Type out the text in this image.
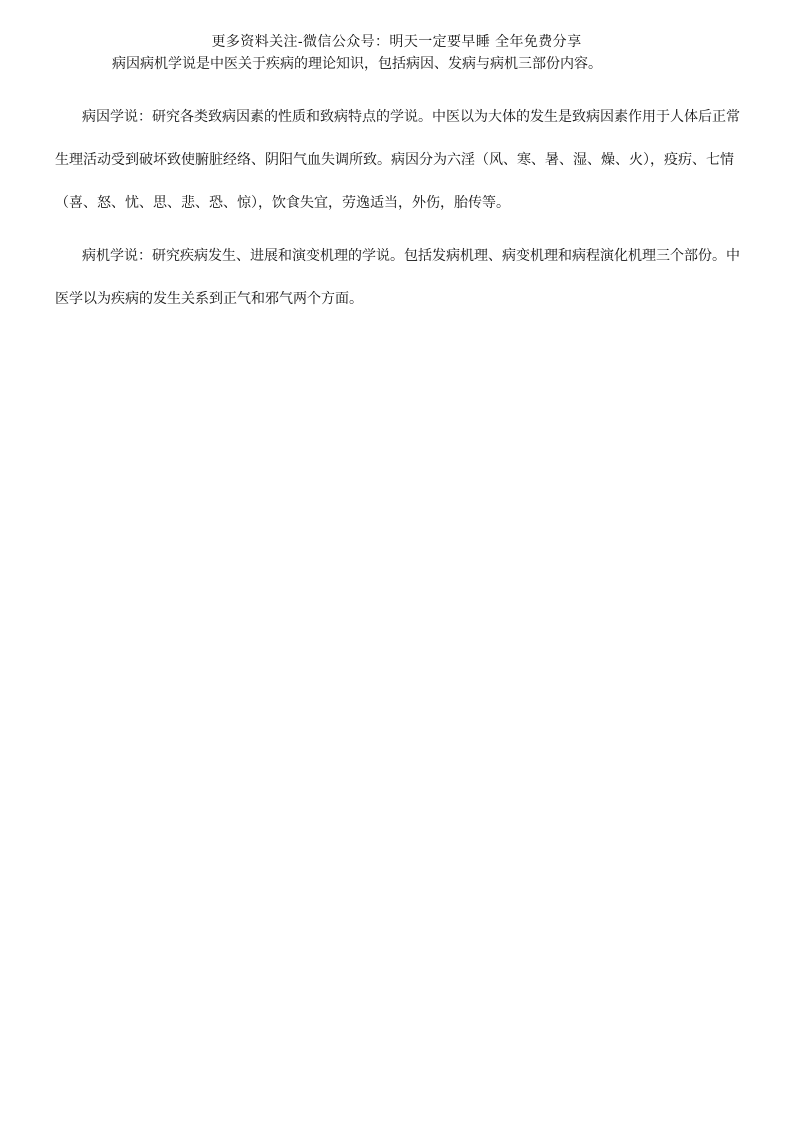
更多资料关注-微信公众号：明天一定要早睡 全年免费分享
病因病机学说是中医关于疾病的理论知识，包括病因、发病与病机三部份内容。
病因学说：研究各类致病因素的性质和致病特点的学说。中医以为大体的发生是致病因素作用于人体后正常
生理活动受到破坏致使腑脏经络、阴阳气血失调所致。病因分为六淫（风、寒、暑、湿、燥、火），疫疠、七情
（喜、怒、忧、思、悲、恐、惊），饮食失宜，劳逸适当，外伤，胎传等。
病机学说：研究疾病发生、进展和演变机理的学说。包括发病机理、病变机理和病程演化机理三个部份。中
医学以为疾病的发生关系到正气和邪气两个方面。
